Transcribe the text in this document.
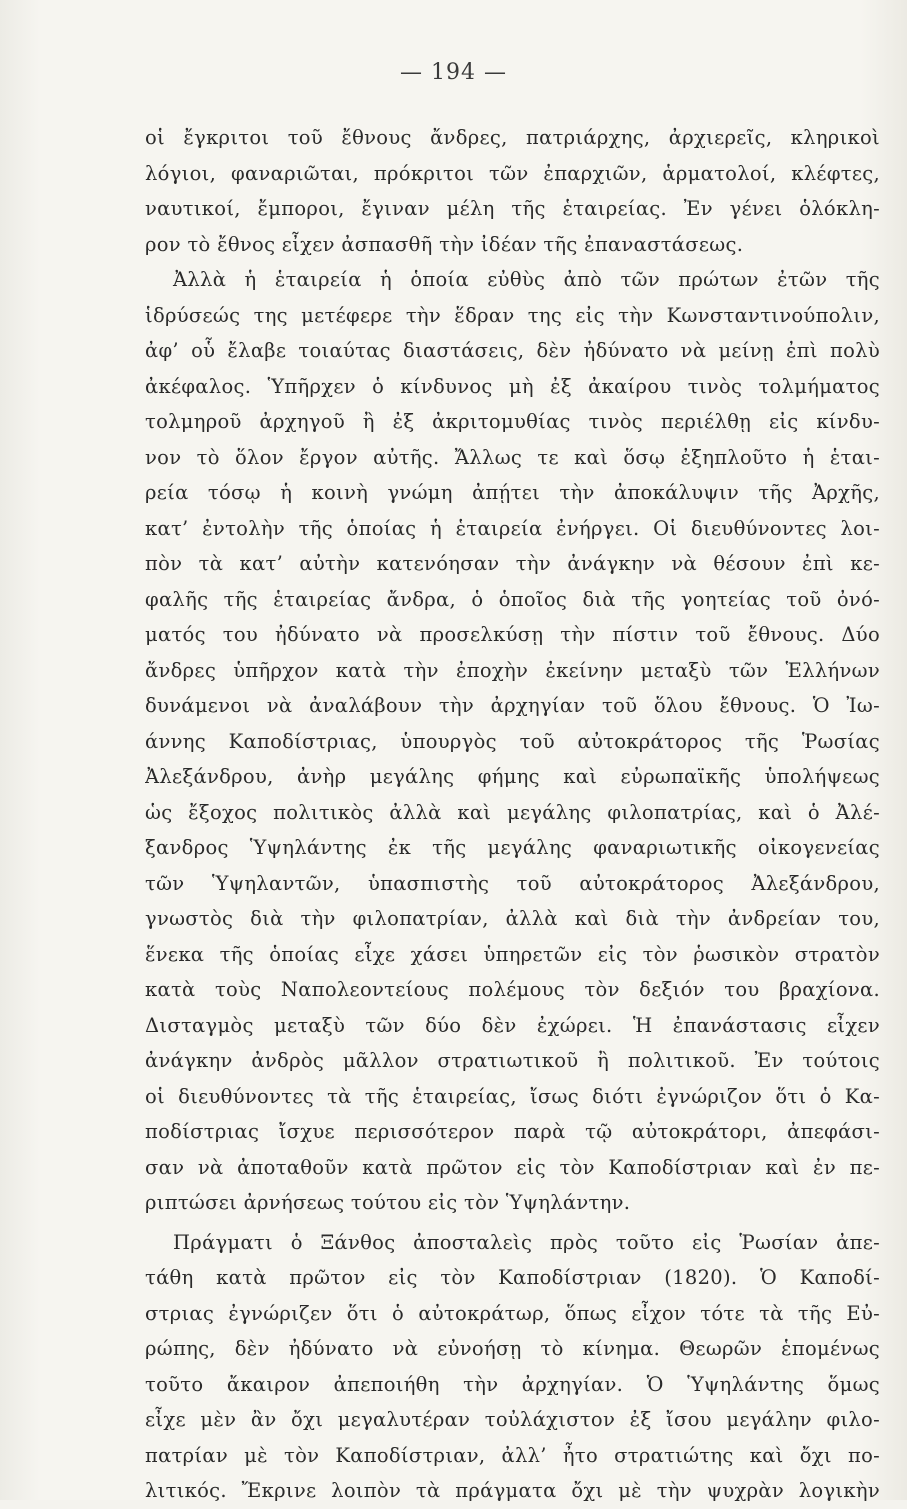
— 194 —
οἱ ἔγκριτοι τοῦ ἔθνους ἄνδρες, πατριάρχης, ἀρχιερεῖς, κληρικοὶ
λόγιοι, φαναριῶται, πρόκριτοι τῶν ἐπαρχιῶν, ἁρματολοί, κλέφτες,
ναυτικοί, ἔμποροι, ἔγιναν μέλη τῆς ἑταιρείας. Ἐν γένει ὁλόκλη-
ρον τὸ ἔθνος εἶχεν ἀσπασθῆ τὴν ἰδέαν τῆς ἐπαναστάσεως.
Ἀλλὰ ἡ ἑταιρεία ἡ ὁποία εὐθὺς ἀπὸ τῶν πρώτων ἐτῶν τῆς
ἱδρύσεώς της μετέφερε τὴν ἕδραν της εἰς τὴν Κωνσταντινούπολιν,
ἀφ’ οὗ ἔλαβε τοιαύτας διαστάσεις, δὲν ἠδύνατο νὰ μείνῃ ἐπὶ πολὺ
ἀκέφαλος. Ὑπῆρχεν ὁ κίνδυνος μὴ ἐξ ἀκαίρου τινὸς τολμήματος
τολμηροῦ ἀρχηγοῦ ἢ ἐξ ἀκριτομυθίας τινὸς περιέλθῃ εἰς κίνδυ-
νον τὸ ὅλον ἔργον αὐτῆς. Ἄλλως τε καὶ ὅσῳ ἐξηπλοῦτο ἡ ἑται-
ρεία τόσῳ ἡ κοινὴ γνώμη ἀπῄτει τὴν ἀποκάλυψιν τῆς Ἀρχῆς,
κατ’ ἐντολὴν τῆς ὁποίας ἡ ἑταιρεία ἐνήργει. Οἱ διευθύνοντες λοι-
πὸν τὰ κατ’ αὐτὴν κατενόησαν τὴν ἀνάγκην νὰ θέσουν ἐπὶ κε-
φαλῆς τῆς ἑταιρείας ἄνδρα, ὁ ὁποῖος διὰ τῆς γοητείας τοῦ ὀνό-
ματός του ἠδύνατο νὰ προσελκύσῃ τὴν πίστιν τοῦ ἔθνους. Δύο
ἄνδρες ὑπῆρχον κατὰ τὴν ἐποχὴν ἐκείνην μεταξὺ τῶν Ἑλλήνων
δυνάμενοι νὰ ἀναλάβουν τὴν ἀρχηγίαν τοῦ ὅλου ἔθνους. Ὁ Ἰω-
άννης Καποδίστριας, ὑπουργὸς τοῦ αὐτοκράτορος τῆς Ῥωσίας
Ἀλεξάνδρου, ἀνὴρ μεγάλης φήμης καὶ εὐρωπαϊκῆς ὑπολήψεως
ὡς ἔξοχος πολιτικὸς ἀλλὰ καὶ μεγάλης φιλοπατρίας, καὶ ὁ Ἀλέ-
ξανδρος Ὑψηλάντης ἐκ τῆς μεγάλης φαναριωτικῆς οἰκογενείας
τῶν Ὑψηλαντῶν, ὑπασπιστὴς τοῦ αὐτοκράτορος Ἀλεξάνδρου,
γνωστὸς διὰ τὴν φιλοπατρίαν, ἀλλὰ καὶ διὰ τὴν ἀνδρείαν του,
ἕνεκα τῆς ὁποίας εἶχε χάσει ὑπηρετῶν εἰς τὸν ῥωσικὸν στρατὸν
κατὰ τοὺς Ναπολεοντείους πολέμους τὸν δεξιόν του βραχίονα.
Δισταγμὸς μεταξὺ τῶν δύο δὲν ἐχώρει. Ἡ ἐπανάστασις εἶχεν
ἀνάγκην ἀνδρὸς μᾶλλον στρατιωτικοῦ ἢ πολιτικοῦ. Ἐν τούτοις
οἱ διευθύνοντες τὰ τῆς ἑταιρείας, ἴσως διότι ἐγνώριζον ὅτι ὁ Κα-
ποδίστριας ἴσχυε περισσότερον παρὰ τῷ αὐτοκράτορι, ἀπεφάσι-
σαν νὰ ἀποταθοῦν κατὰ πρῶτον εἰς τὸν Καποδίστριαν καὶ ἐν πε-
ριπτώσει ἀρνήσεως τούτου εἰς τὸν Ὑψηλάντην.
Πράγματι ὁ Ξάνθος ἀποσταλεὶς πρὸς τοῦτο εἰς Ῥωσίαν ἀπε-
τάθη κατὰ πρῶτον εἰς τὸν Καποδίστριαν (1820). Ὁ Καποδί-
στριας ἐγνώριζεν ὅτι ὁ αὐτοκράτωρ, ὅπως εἶχον τότε τὰ τῆς Εὐ-
ρώπης, δὲν ἠδύνατο νὰ εὐνοήσῃ τὸ κίνημα. Θεωρῶν ἑπομένως
τοῦτο ἄκαιρον ἀπεποιήθη τὴν ἀρχηγίαν. Ὁ Ὑψηλάντης ὅμως
εἶχε μὲν ἂν ὄχι μεγαλυτέραν τοὐλάχιστον ἐξ ἴσου μεγάλην φιλο-
πατρίαν μὲ τὸν Καποδίστριαν, ἀλλ’ ἦτο στρατιώτης καὶ ὄχι πο-
λιτικός. Ἔκρινε λοιπὸν τὰ πράγματα ὄχι μὲ τὴν ψυχρὰν λογικὴν
